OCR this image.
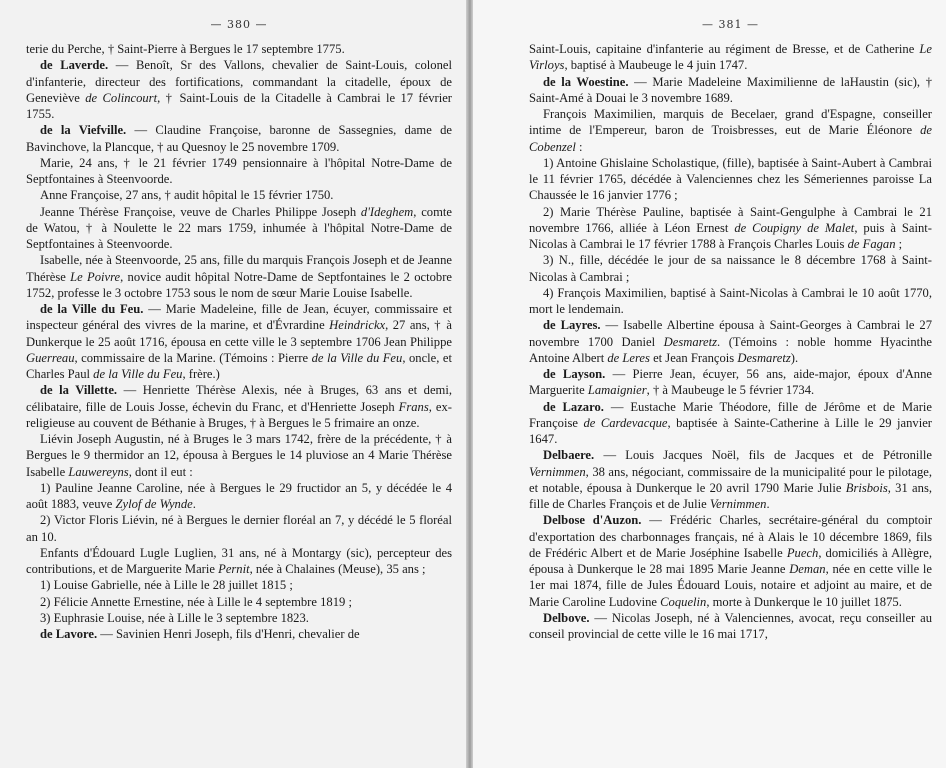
— 380 —

terie du Perche, † Saint-Pierre à Bergues le 17 septembre 1775.

de Laverde. — Benoît, Sr des Vallons, chevalier de Saint-Louis, colonel d'infanterie, directeur des fortifications, commandant la citadelle, époux de Geneviève de Colincourt, † Saint-Louis de la Citadelle à Cambrai le 17 février 1755.

de la Viefville. — Claudine Françoise, baronne de Sassegnies, dame de Bavinchove, la Plancque, † au Quesnoy le 25 novembre 1709.

Marie, 24 ans, † le 21 février 1749 pensionnaire à l'hôpital Notre-Dame de Septfontaines à Steenvoorde.

Anne Françoise, 27 ans, † audit hôpital le 15 février 1750.

Jeanne Thérèse Françoise, veuve de Charles Philippe Joseph d'Ideghem, comte de Watou, † à Noulette le 22 mars 1759, inhumée à l'hôpital Notre-Dame de Septfontaines à Steenvoorde.

Isabelle, née à Steenvoorde, 25 ans, fille du marquis François Joseph et de Jeanne Thérèse Le Poivre, novice audit hôpital Notre-Dame de Septfontaines le 2 octobre 1752, professe le 3 octobre 1753 sous le nom de sœur Marie Louise Isabelle.

de la Ville du Feu. — Marie Madeleine, fille de Jean, écuyer, commissaire et inspecteur général des vivres de la marine, et d'Évrardine Heindrickx, 27 ans, † à Dunkerque le 25 août 1716, épousa en cette ville le 3 septembre 1706 Jean Philippe Guerreau, commissaire de la Marine. (Témoins : Pierre de la Ville du Feu, oncle, et Charles Paul de la Ville du Feu, frère.)

de la Villette. — Henriette Thérèse Alexis, née à Bruges, 63 ans et demi, célibataire, fille de Louis Josse, échevin du Franc, et d'Henriette Joseph Frans, ex-religieuse au couvent de Béthanie à Bruges, † à Bergues le 5 frimaire an onze.

Liévin Joseph Augustin, né à Bruges le 3 mars 1742, frère de la précédente, † à Bergues le 9 thermidor an 12, épousa à Bergues le 14 pluviose an 4 Marie Thérèse Isabelle Lauwereyns, dont il eut :

1) Pauline Jeanne Caroline, née à Bergues le 29 fructidor an 5, y décédée le 4 août 1883, veuve Zylof de Wynde.

2) Victor Floris Liévin, né à Bergues le dernier floréal an 7, y décédé le 5 floréal an 10.

Enfants d'Édouard Lugle Luglien, 31 ans, né à Montargy (sic), percepteur des contributions, et de Marguerite Marie Pernit, née à Chalaines (Meuse), 35 ans ;

1) Louise Gabrielle, née à Lille le 28 juillet 1815 ;

2) Félicie Annette Ernestine, née à Lille le 4 septembre 1819 ;

3) Euphrasie Louise, née à Lille le 3 septembre 1823.

de Lavore. — Savinien Henri Joseph, fils d'Henri, chevalier de

— 381 —

Saint-Louis, capitaine d'infanterie au régiment de Bresse, et de Catherine Le Virloys, baptisé à Maubeuge le 4 juin 1747.

de la Woestine. — Marie Madeleine Maximilienne de laHaustin (sic), † Saint-Amé à Douai le 3 novembre 1689.

François Maximilien, marquis de Becelaer, grand d'Espagne, conseiller intime de l'Empereur, baron de Troisbresses, eut de Marie Éléonore de Cobenzel :

1) Antoine Ghislaine Scholastique, (fille), baptisée à Saint-Aubert à Cambrai le 11 février 1765, décédée à Valenciennes chez les Sémeriennes paroisse La Chaussée le 16 janvier 1776 ;

2) Marie Thérèse Pauline, baptisée à Saint-Gengulphe à Cambrai le 21 novembre 1766, alliée à Léon Ernest de Coupigny de Malet, puis à Saint-Nicolas à Cambrai le 17 février 1788 à François Charles Louis de Fagan ;

3) N., fille, décédée le jour de sa naissance le 8 décembre 1768 à Saint-Nicolas à Cambrai ;

4) François Maximilien, baptisé à Saint-Nicolas à Cambrai le 10 août 1770, mort le lendemain.

de Layres. — Isabelle Albertine épousa à Saint-Georges à Cambrai le 27 novembre 1700 Daniel Desmaretz. (Témoins : noble homme Hyacinthe Antoine Albert de Leres et Jean François Desmaretz).

de Layson. — Pierre Jean, écuyer, 56 ans, aide-major, époux d'Anne Marguerite Lamaignier, † à Maubeuge le 5 février 1734.

de Lazaro. — Eustache Marie Théodore, fille de Jérôme et de Marie Françoise de Cardevacque, baptisée à Sainte-Catherine à Lille le 29 janvier 1647.

Delbaere. — Louis Jacques Noël, fils de Jacques et de Pétronille Vernimmen, 38 ans, négociant, commissaire de la municipalité pour le pilotage, et notable, épousa à Dunkerque le 20 avril 1790 Marie Julie Brisbois, 31 ans, fille de Charles François et de Julie Vernimmen.

Delbose d'Auzon. — Frédéric Charles, secrétaire-général du comptoir d'exportation des charbonnages français, né à Alais le 10 décembre 1869, fils de Frédéric Albert et de Marie Joséphine Isabelle Puech, domiciliés à Allègre, épousa à Dunkerque le 28 mai 1895 Marie Jeanne Deman, née en cette ville le 1er mai 1874, fille de Jules Édouard Louis, notaire et adjoint au maire, et de Marie Caroline Ludovine Coquelin, morte à Dunkerque le 10 juillet 1875.

Delbove. — Nicolas Joseph, né à Valenciennes, avocat, reçu conseiller au conseil provincial de cette ville le 16 mai 1717,
